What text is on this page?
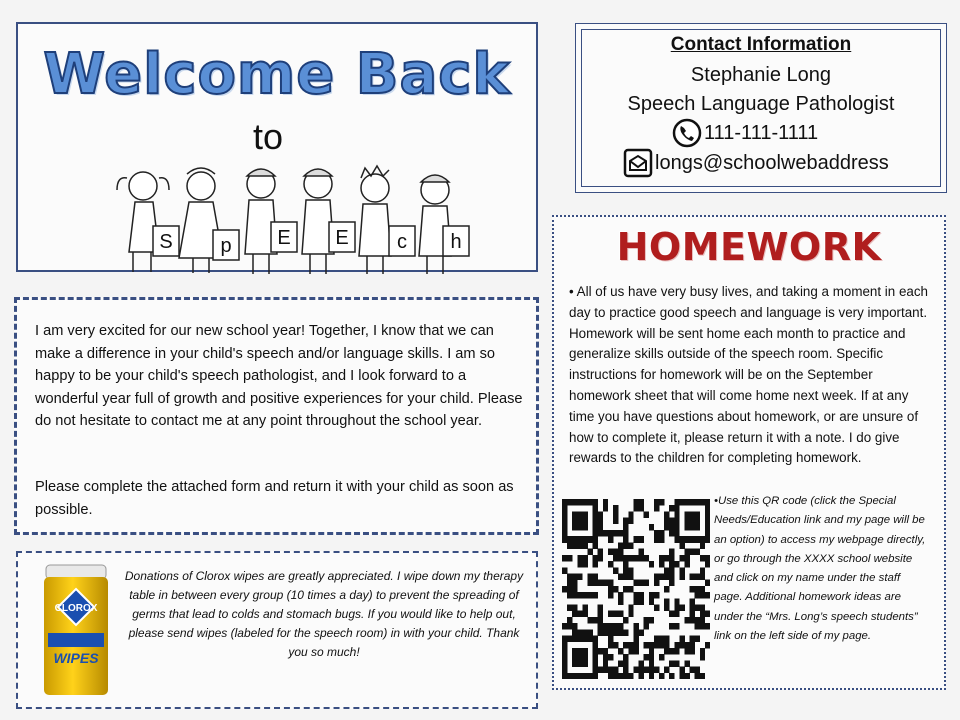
Welcome Back
to
S p E E c h
Contact Information
Stephanie Long
Speech Language Pathologist
111-111-1111
longs@schoolwebaddress

I am very excited for our new school year! Together, I know that we can make a difference in your child's speech and/or language skills. I am so happy to be your child's speech pathologist, and I look forward to a wonderful year full of growth and positive experiences for your child. Please do not hesitate to contact me at any point throughout the school year.

Please complete the attached form and return it with your child as soon as possible.

CLOROX
WIPES

Donations of Clorox wipes are greatly appreciated. I wipe down my therapy table in between every group (10 times a day) to prevent the spreading of germs that lead to colds and stomach bugs. If you would like to help out, please send wipes (labeled for the speech room) in with your child. Thank you so much!

HOMEWORK

• All of us have very busy lives, and taking a moment in each day to practice good speech and language is very important. Homework will be sent home each month to practice and generalize skills outside of the speech room. Specific instructions for homework will be on the September homework sheet that will come home next week. If at any time you have questions about homework, or are unsure of how to complete it, please return it with a note. I do give rewards to the children for completing homework.

•Use this QR code (click the Special Needs/Education link and my page will be an option) to access my webpage directly, or go through the XXXX school website and click on my name under the staff page. Additional homework ideas are under the “Mrs. Long’s speech students” link on the left side of my page.
